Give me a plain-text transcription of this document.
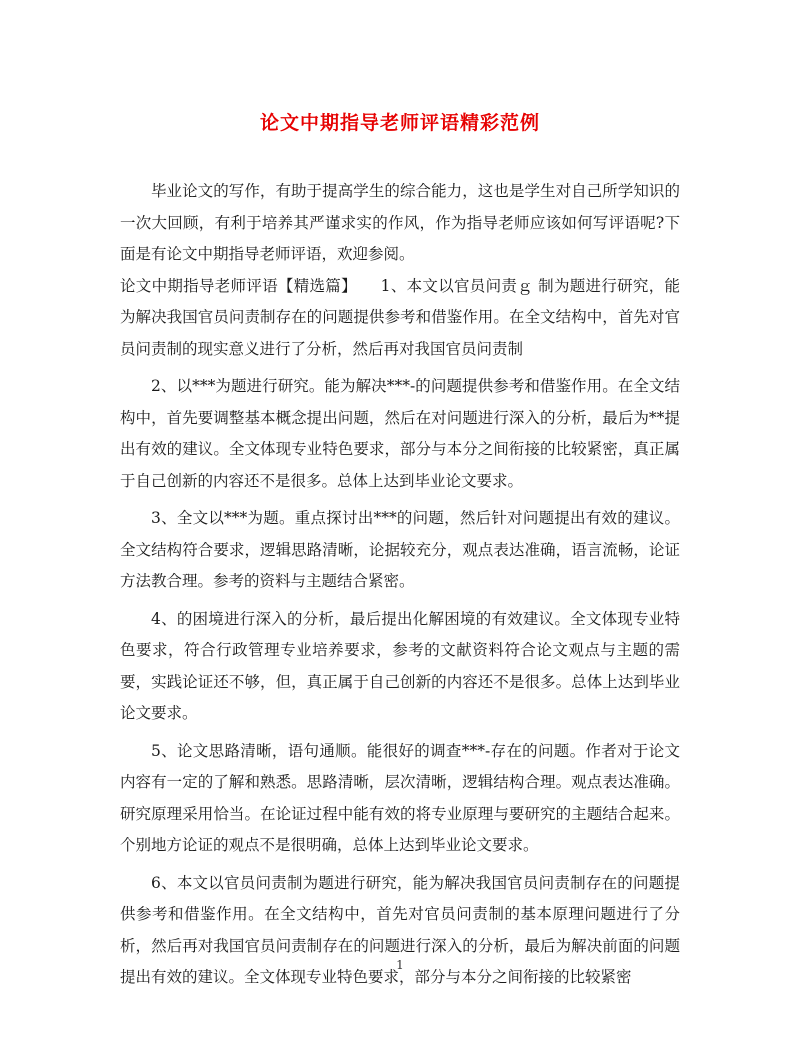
论文中期指导老师评语精彩范例

毕业论文的写作，有助于提高学生的综合能力，这也是学生对自己所学知识的一次大回顾，有利于培养其严谨求实的作风，作为指导老师应该如何写评语呢?下面是有论文中期指导老师评语，欢迎参阅。

论文中期指导老师评语【精选篇】　　1、本文以官员问责ｇ 制为题进行研究，能为解决我国官员问责制存在的问题提供参考和借鉴作用。在全文结构中，首先对官员问责制的现实意义进行了分析，然后再对我国官员问责制

2、以***为题进行研究。能为解决***-的问题提供参考和借鉴作用。在全文结构中，首先要调整基本概念提出问题，然后在对问题进行深入的分析，最后为**提出有效的建议。全文体现专业特色要求，部分与本分之间衔接的比较紧密，真正属于自己创新的内容还不是很多。总体上达到毕业论文要求。

3、全文以***为题。重点探讨出***的问题，然后针对问题提出有效的建议。全文结构符合要求，逻辑思路清晰，论据较充分，观点表达准确，语言流畅，论证方法教合理。参考的资料与主题结合紧密。

4、的困境进行深入的分析，最后提出化解困境的有效建议。全文体现专业特色要求，符合行政管理专业培养要求，参考的文献资料符合论文观点与主题的需要，实践论证还不够，但，真正属于自己创新的内容还不是很多。总体上达到毕业论文要求。

5、论文思路清晰，语句通顺。能很好的调查***-存在的问题。作者对于论文内容有一定的了解和熟悉。思路清晰，层次清晰，逻辑结构合理。观点表达准确。研究原理采用恰当。在论证过程中能有效的将专业原理与要研究的主题结合起来。个别地方论证的观点不是很明确，总体上达到毕业论文要求。

6、本文以官员问责制为题进行研究，能为解决我国官员问责制存在的问题提供参考和借鉴作用。在全文结构中，首先对官员问责制的基本原理问题进行了分析，然后再对我国官员问责制存在的问题进行深入的分析，最后为解决前面的问题提出有效的建议。全文体现专业特色要求，部分与本分之间衔接的比较紧密

1
